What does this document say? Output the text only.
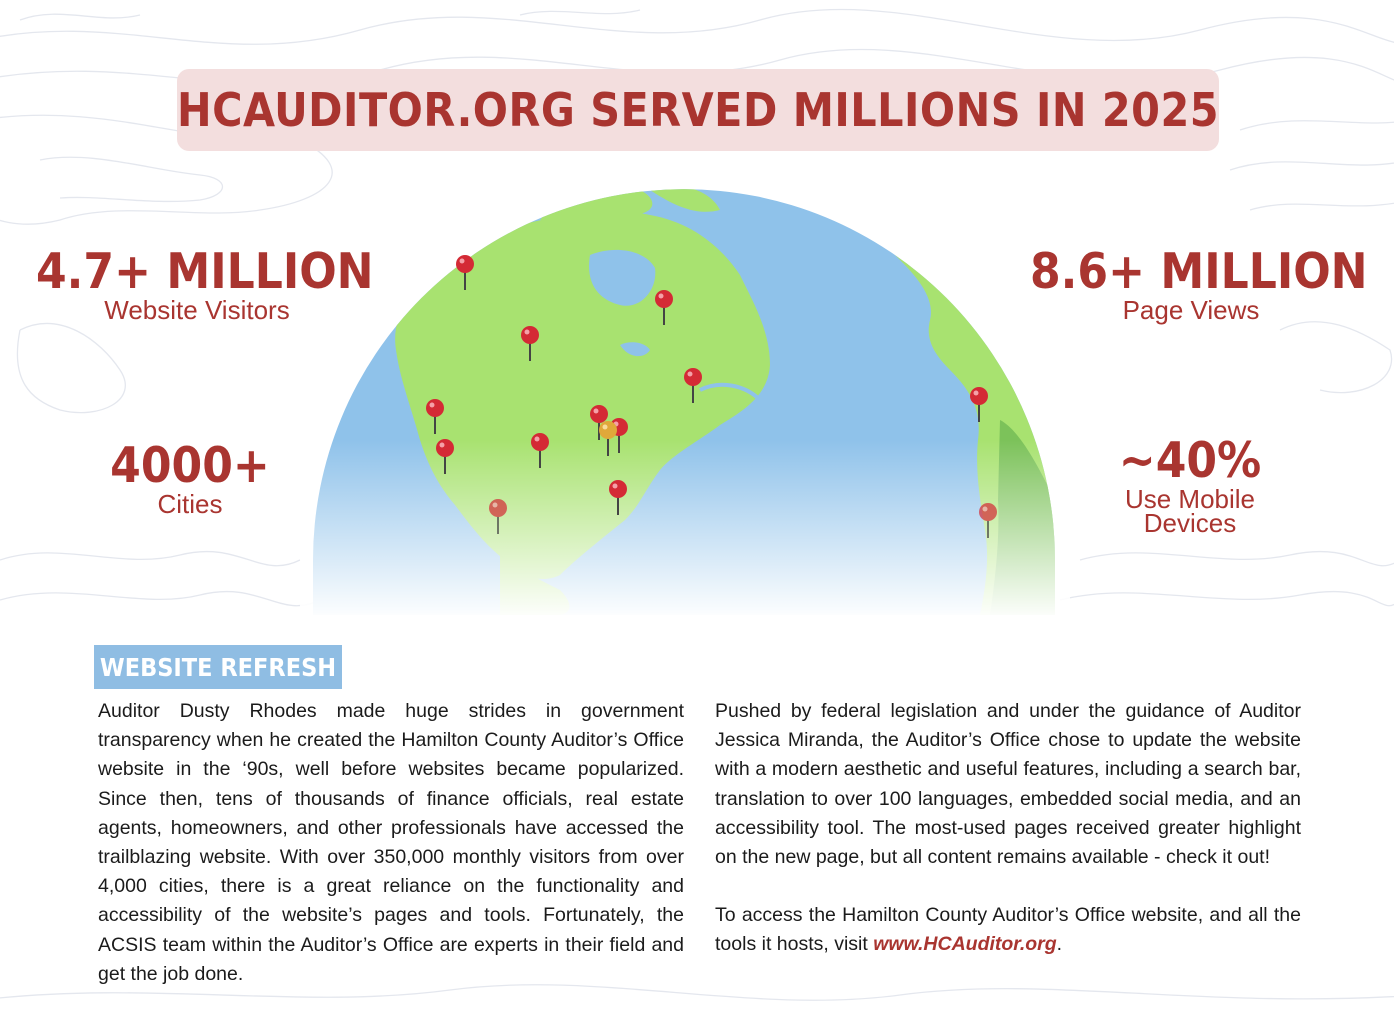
HCAUDITOR.ORG SERVED MILLIONS IN 2025
4.7+ MILLION
Website Visitors
8.6+ MILLION
Page Views
4000+
Cities
~40%
Use Mobile
Devices
WEBSITE REFRESH

Auditor Dusty Rhodes made huge strides in government transparency when he created the Hamilton County Auditor’s Office website in the ‘90s, well before websites became popularized. Since then, tens of thousands of finance officials, real estate agents, homeowners, and other professionals have accessed the trailblazing website. With over 350,000 monthly visitors from over 4,000 cities, there is a great reliance on the functionality and accessibility of the website’s pages and tools. Fortunately, the ACSIS team within the Auditor’s Office are experts in their field and get the job done.

Pushed by federal legislation and under the guidance of Auditor Jessica Miranda, the Auditor’s Office chose to update the website with a modern aesthetic and useful features, including a search bar, translation to over 100 languages, embedded social media, and an accessibility tool. The most-used pages received greater highlight on the new page, but all content remains available - check it out!

To access the Hamilton County Auditor’s Office website, and all the tools it hosts, visit www.HCAuditor.org.
